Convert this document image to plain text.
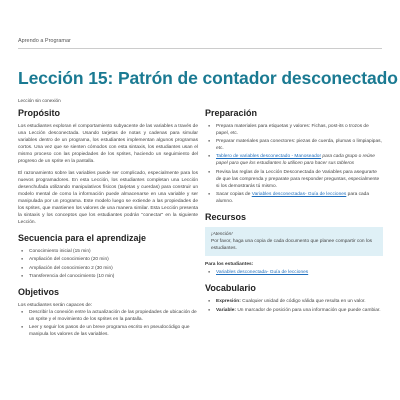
Aprendo a Programar
Lección 15: Patrón de contador desconectado
Lección sin conexión
Propósito

Los estudiantes exploran el comportamiento subyacente de las variables a través de una Lección desconectada. Usando tarjetas de notas y cadenas para simular variables dentro de un programa, los estudiantes implementan algunos programas cortos. Una vez que se sienten cómodos con esta sintaxis, los estudiantes usan el mismo proceso con las propiedades de los sprites, haciendo un seguimiento del progreso de un sprite en la pantalla.

El razonamiento sobre las variables puede ser complicado, especialmente para los nuevos programadores. En esta Lección, los estudiantes completan una Lección desenchufada utilizando manipulativos físicos (tarjetas y cuerdas) para construir un modelo mental de como la información puede almacenarse en una variable y ser manipulada por un programa. Este modelo luego se extiende a las propiedades de los sprites, que mantienen los valores de una manera similar. Esta Lección presenta la sintaxis y los conceptos que los estudiantes podrán "conectar" en la siguiente Lección.

Secuencia para el aprendizaje
● Conocimiento inicial (15 min)
● Ampliación del conocimiento (20 min)
● Ampliación del conocimiento 2 (30 min)
● Transferencia del conocimiento (10 min)
Objetivos

Los estudiantes serán capaces de:

● Describir la conexión entre la actualización de las propiedades de ubicación de un sprite y el movimiento de los sprites en la pantalla.
● Leer y seguir los pasos de un breve programa escrito en pseudocódigo que manipula los valores de las variables.
Preparación
● Prepara materiales para etiquetas y valores: Fichas, post-its o trozos de papel, etc.
● Preparar materiales para conectores: piezas de cuerda, plumas o limpiapipas, etc.
● Tablero de variables desconectado - Manoseador para cada grupo o reúne papel para que los estudiantes lo utilicen para hacer sus tableros
● Revisa las reglas de la Lección Desconectada de Variables para asegurarte de que las comprenda y preparate para responder preguntas, especialmente si los demostrarás tú mismo.
● Sacar copias de Variables desconectadas- Guía de lecciones para cada alumno.
Recursos

¡Atención!

Por favor, haga una copia de cada documento que planee compartir con los estudiantes.

Para los estudiantes:
● Variables desconectada- Guía de lecciones
Vocabulario
● Expresión: Cualquier unidad de código válida que resulta en un valor.
● Variable: Un marcador de posición para una información que puede cambiar.
